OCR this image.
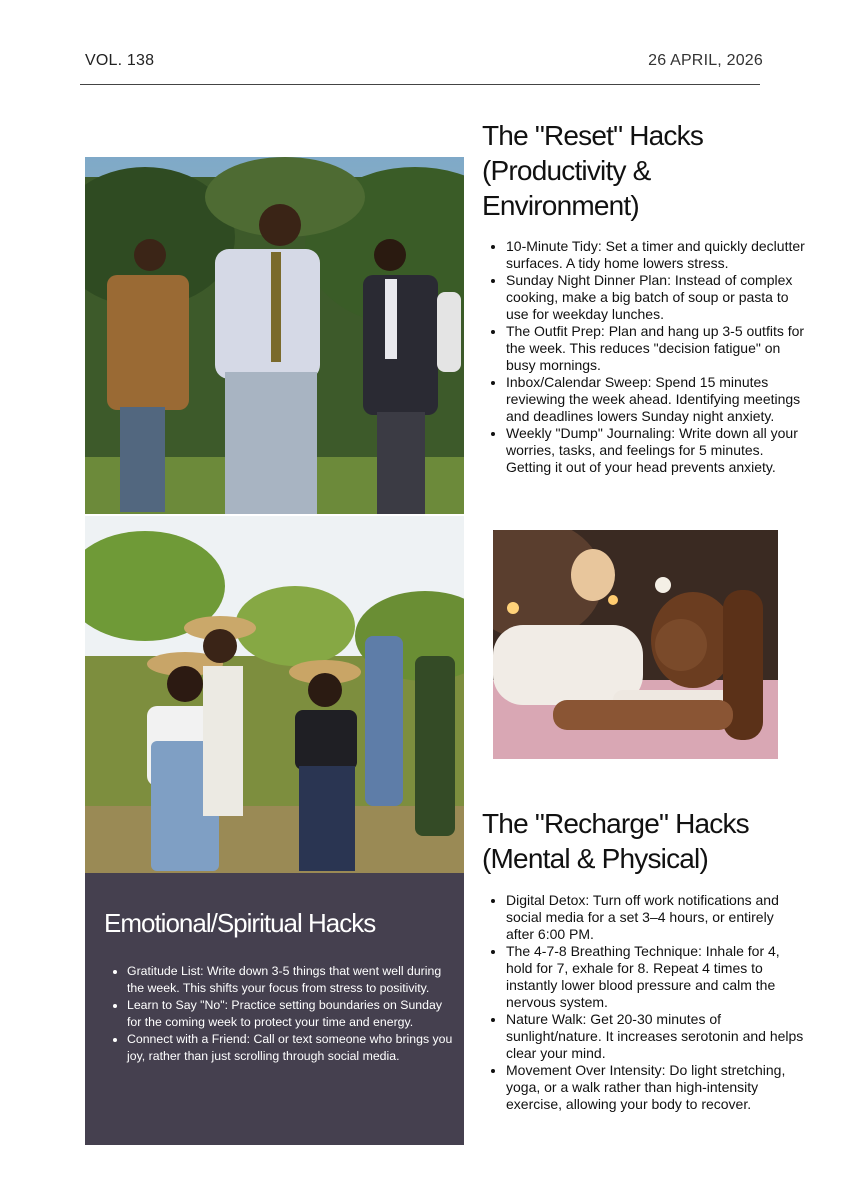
VOL. 138	26 APRIL, 2026
The "Reset" Hacks
(Productivity &
Environment)
• 10-Minute Tidy: Set a timer and quickly declutter surfaces. A tidy home lowers stress.
• Sunday Night Dinner Plan: Instead of complex cooking, make a big batch of soup or pasta to use for weekday lunches.
• The Outfit Prep: Plan and hang up 3-5 outfits for the week. This reduces "decision fatigue" on busy mornings.
• Inbox/Calendar Sweep: Spend 15 minutes reviewing the week ahead. Identifying meetings and deadlines lowers Sunday night anxiety.
• Weekly "Dump" Journaling: Write down all your worries, tasks, and feelings for 5 minutes. Getting it out of your head prevents anxiety.
The "Recharge" Hacks
(Mental & Physical)
• Digital Detox: Turn off work notifications and social media for a set 3–4 hours, or entirely after 6:00 PM.
• The 4-7-8 Breathing Technique: Inhale for 4, hold for 7, exhale for 8. Repeat 4 times to instantly lower blood pressure and calm the nervous system.
• Nature Walk: Get 20-30 minutes of sunlight/nature. It increases serotonin and helps clear your mind.
• Movement Over Intensity: Do light stretching, yoga, or a walk rather than high-intensity exercise, allowing your body to recover.
Emotional/Spiritual Hacks
• Gratitude List: Write down 3-5 things that went well during the week. This shifts your focus from stress to positivity.
• Learn to Say "No": Practice setting boundaries on Sunday for the coming week to protect your time and energy.
• Connect with a Friend: Call or text someone who brings you joy, rather than just scrolling through social media.
